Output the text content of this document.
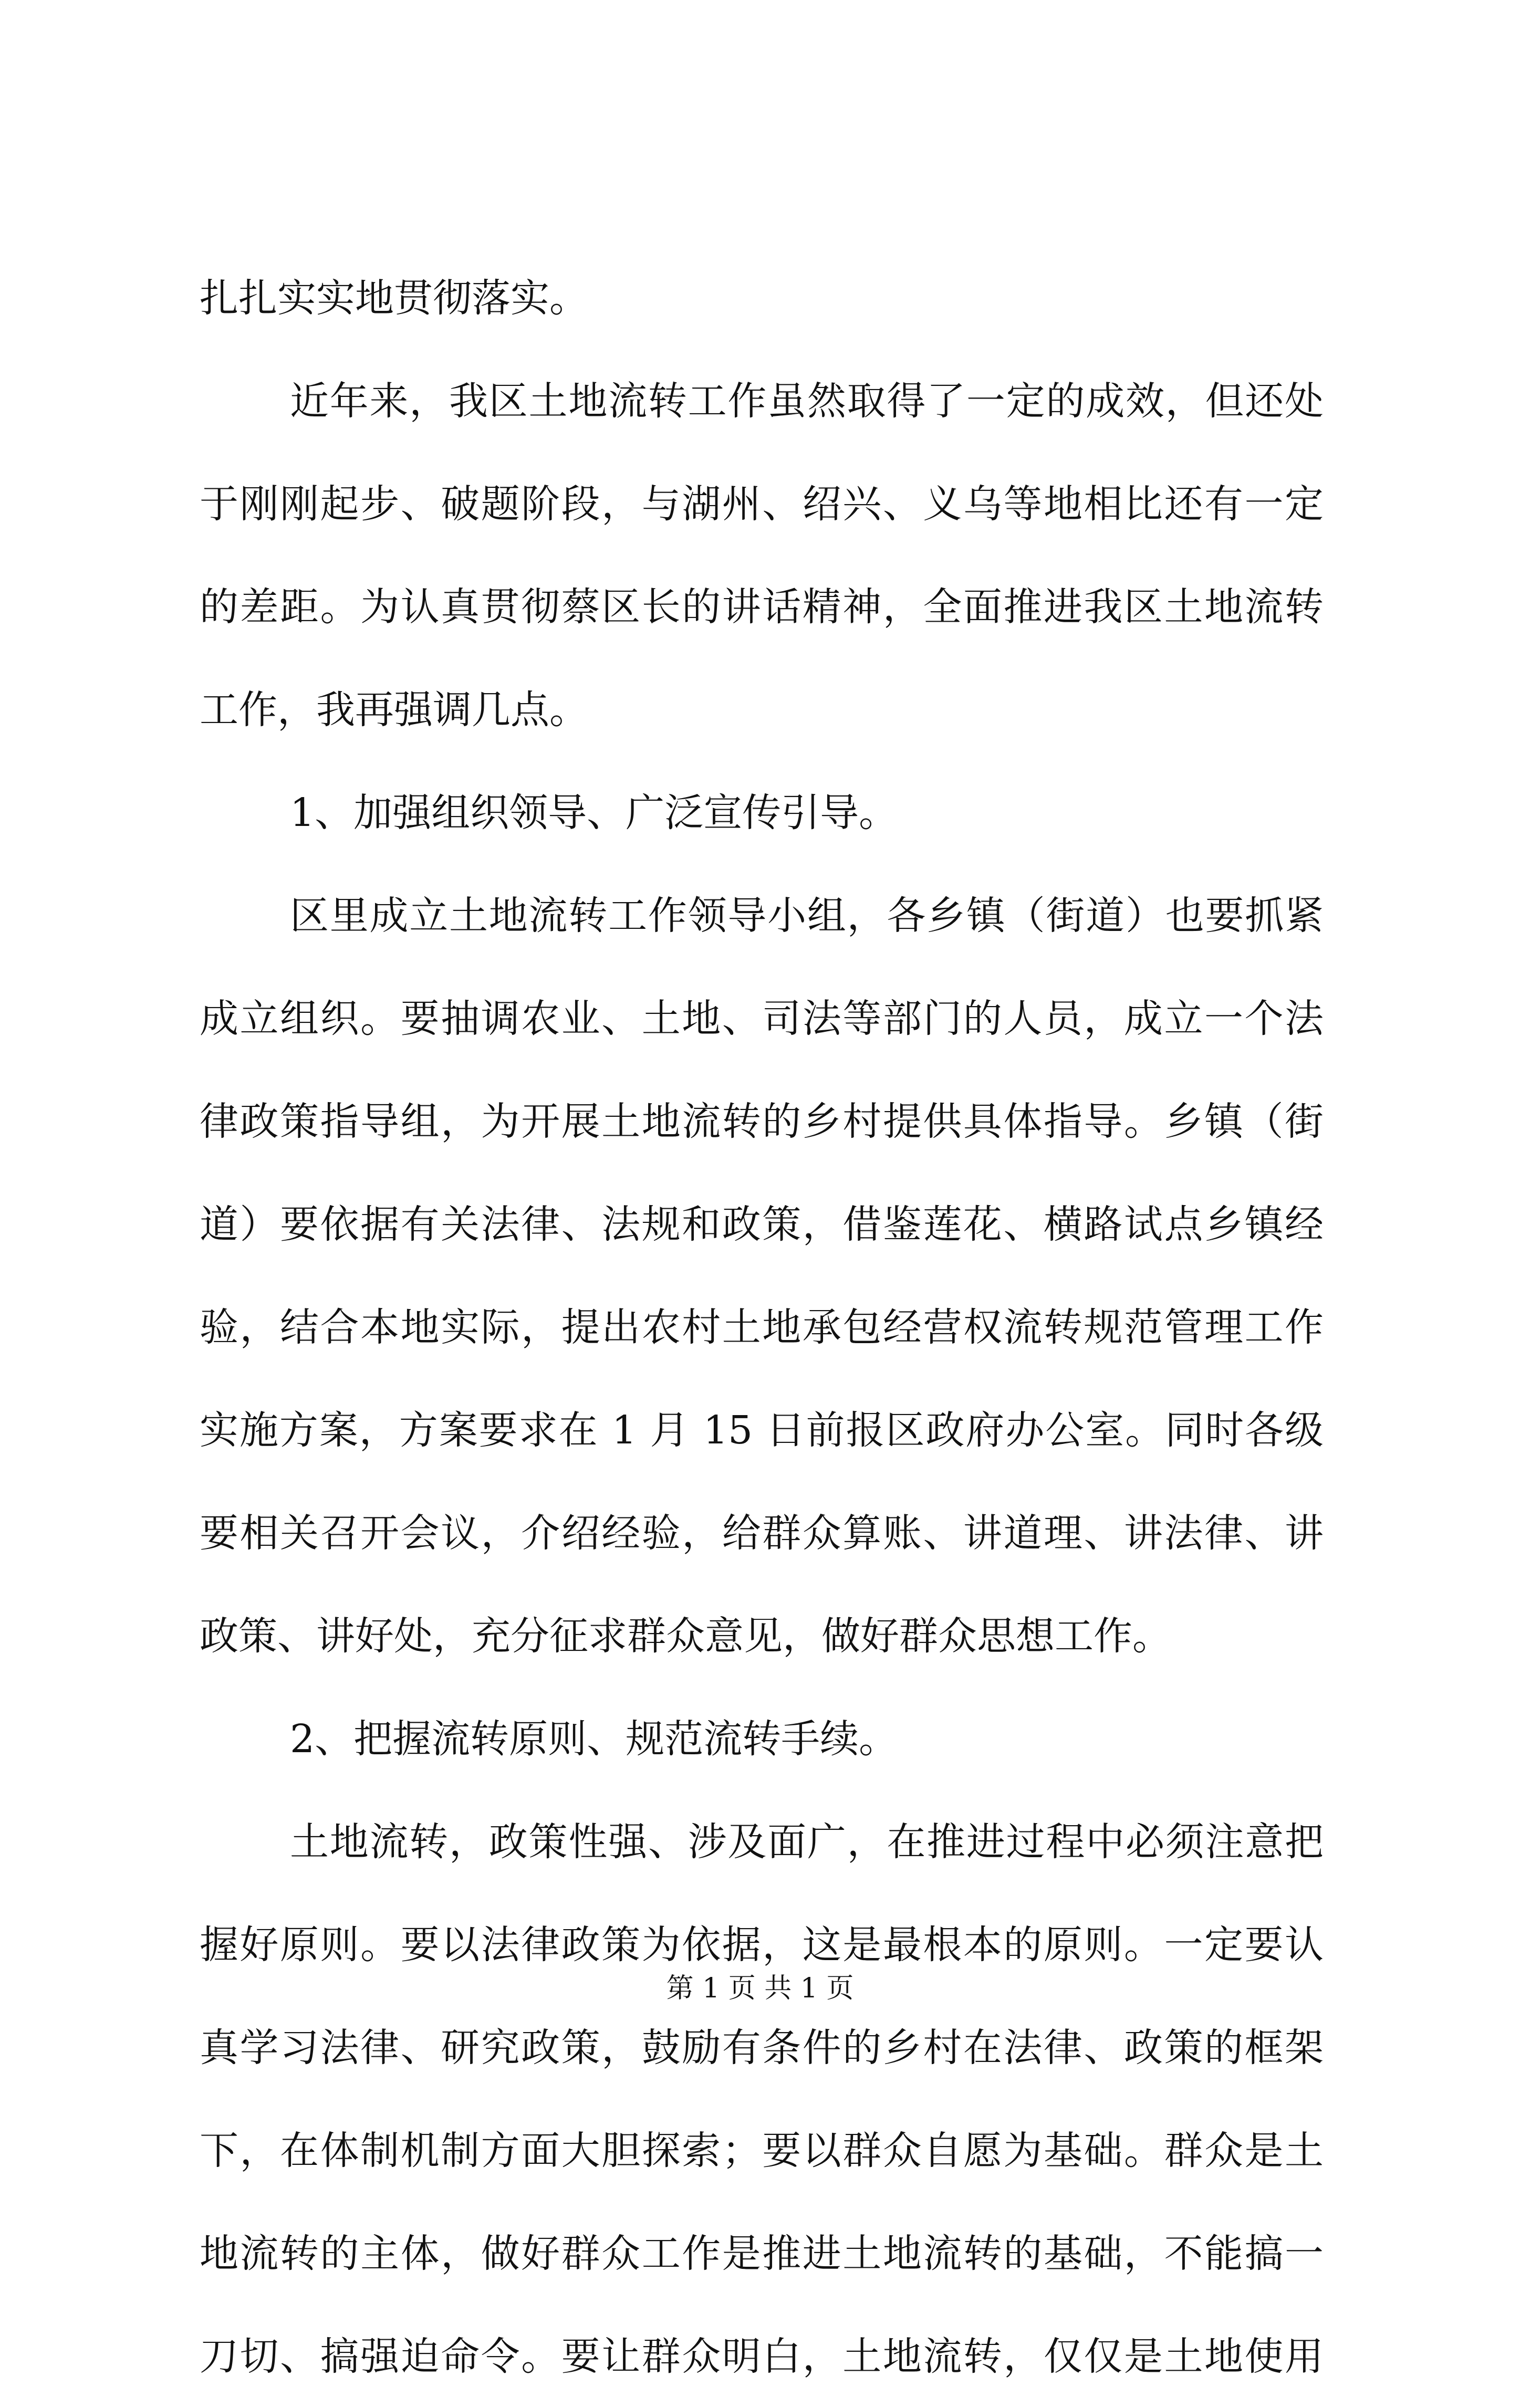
扎扎实实地贯彻落实。
近年来，我区土地流转工作虽然取得了一定的成效，但还处
于刚刚起步、破题阶段，与湖州、绍兴、义乌等地相比还有一定
的差距。为认真贯彻蔡区长的讲话精神，全面推进我区土地流转
工作，我再强调几点。
1、加强组织领导、广泛宣传引导。
区里成立土地流转工作领导小组，各乡镇（街道）也要抓紧
成立组织。要抽调农业、土地、司法等部门的人员，成立一个法
律政策指导组，为开展土地流转的乡村提供具体指导。乡镇（街
道）要依据有关法律、法规和政策，借鉴莲花、横路试点乡镇经
验，结合本地实际，提出农村土地承包经营权流转规范管理工作
实施方案，方案要求在 1 月 15 日前报区政府办公室。同时各级
要相关召开会议，介绍经验，给群众算账、讲道理、讲法律、讲
政策、讲好处，充分征求群众意见，做好群众思想工作。
2、把握流转原则、规范流转手续。
土地流转，政策性强、涉及面广，在推进过程中必须注意把
握好原则。要以法律政策为依据，这是最根本的原则。一定要认
真学习法律、研究政策，鼓励有条件的乡村在法律、政策的框架
下，在体制机制方面大胆探索；要以群众自愿为基础。群众是土
地流转的主体，做好群众工作是推进土地流转的基础，不能搞一
刀切、搞强迫命令。要让群众明白，土地流转，仅仅是土地使用
第 1 页 共 1 页
